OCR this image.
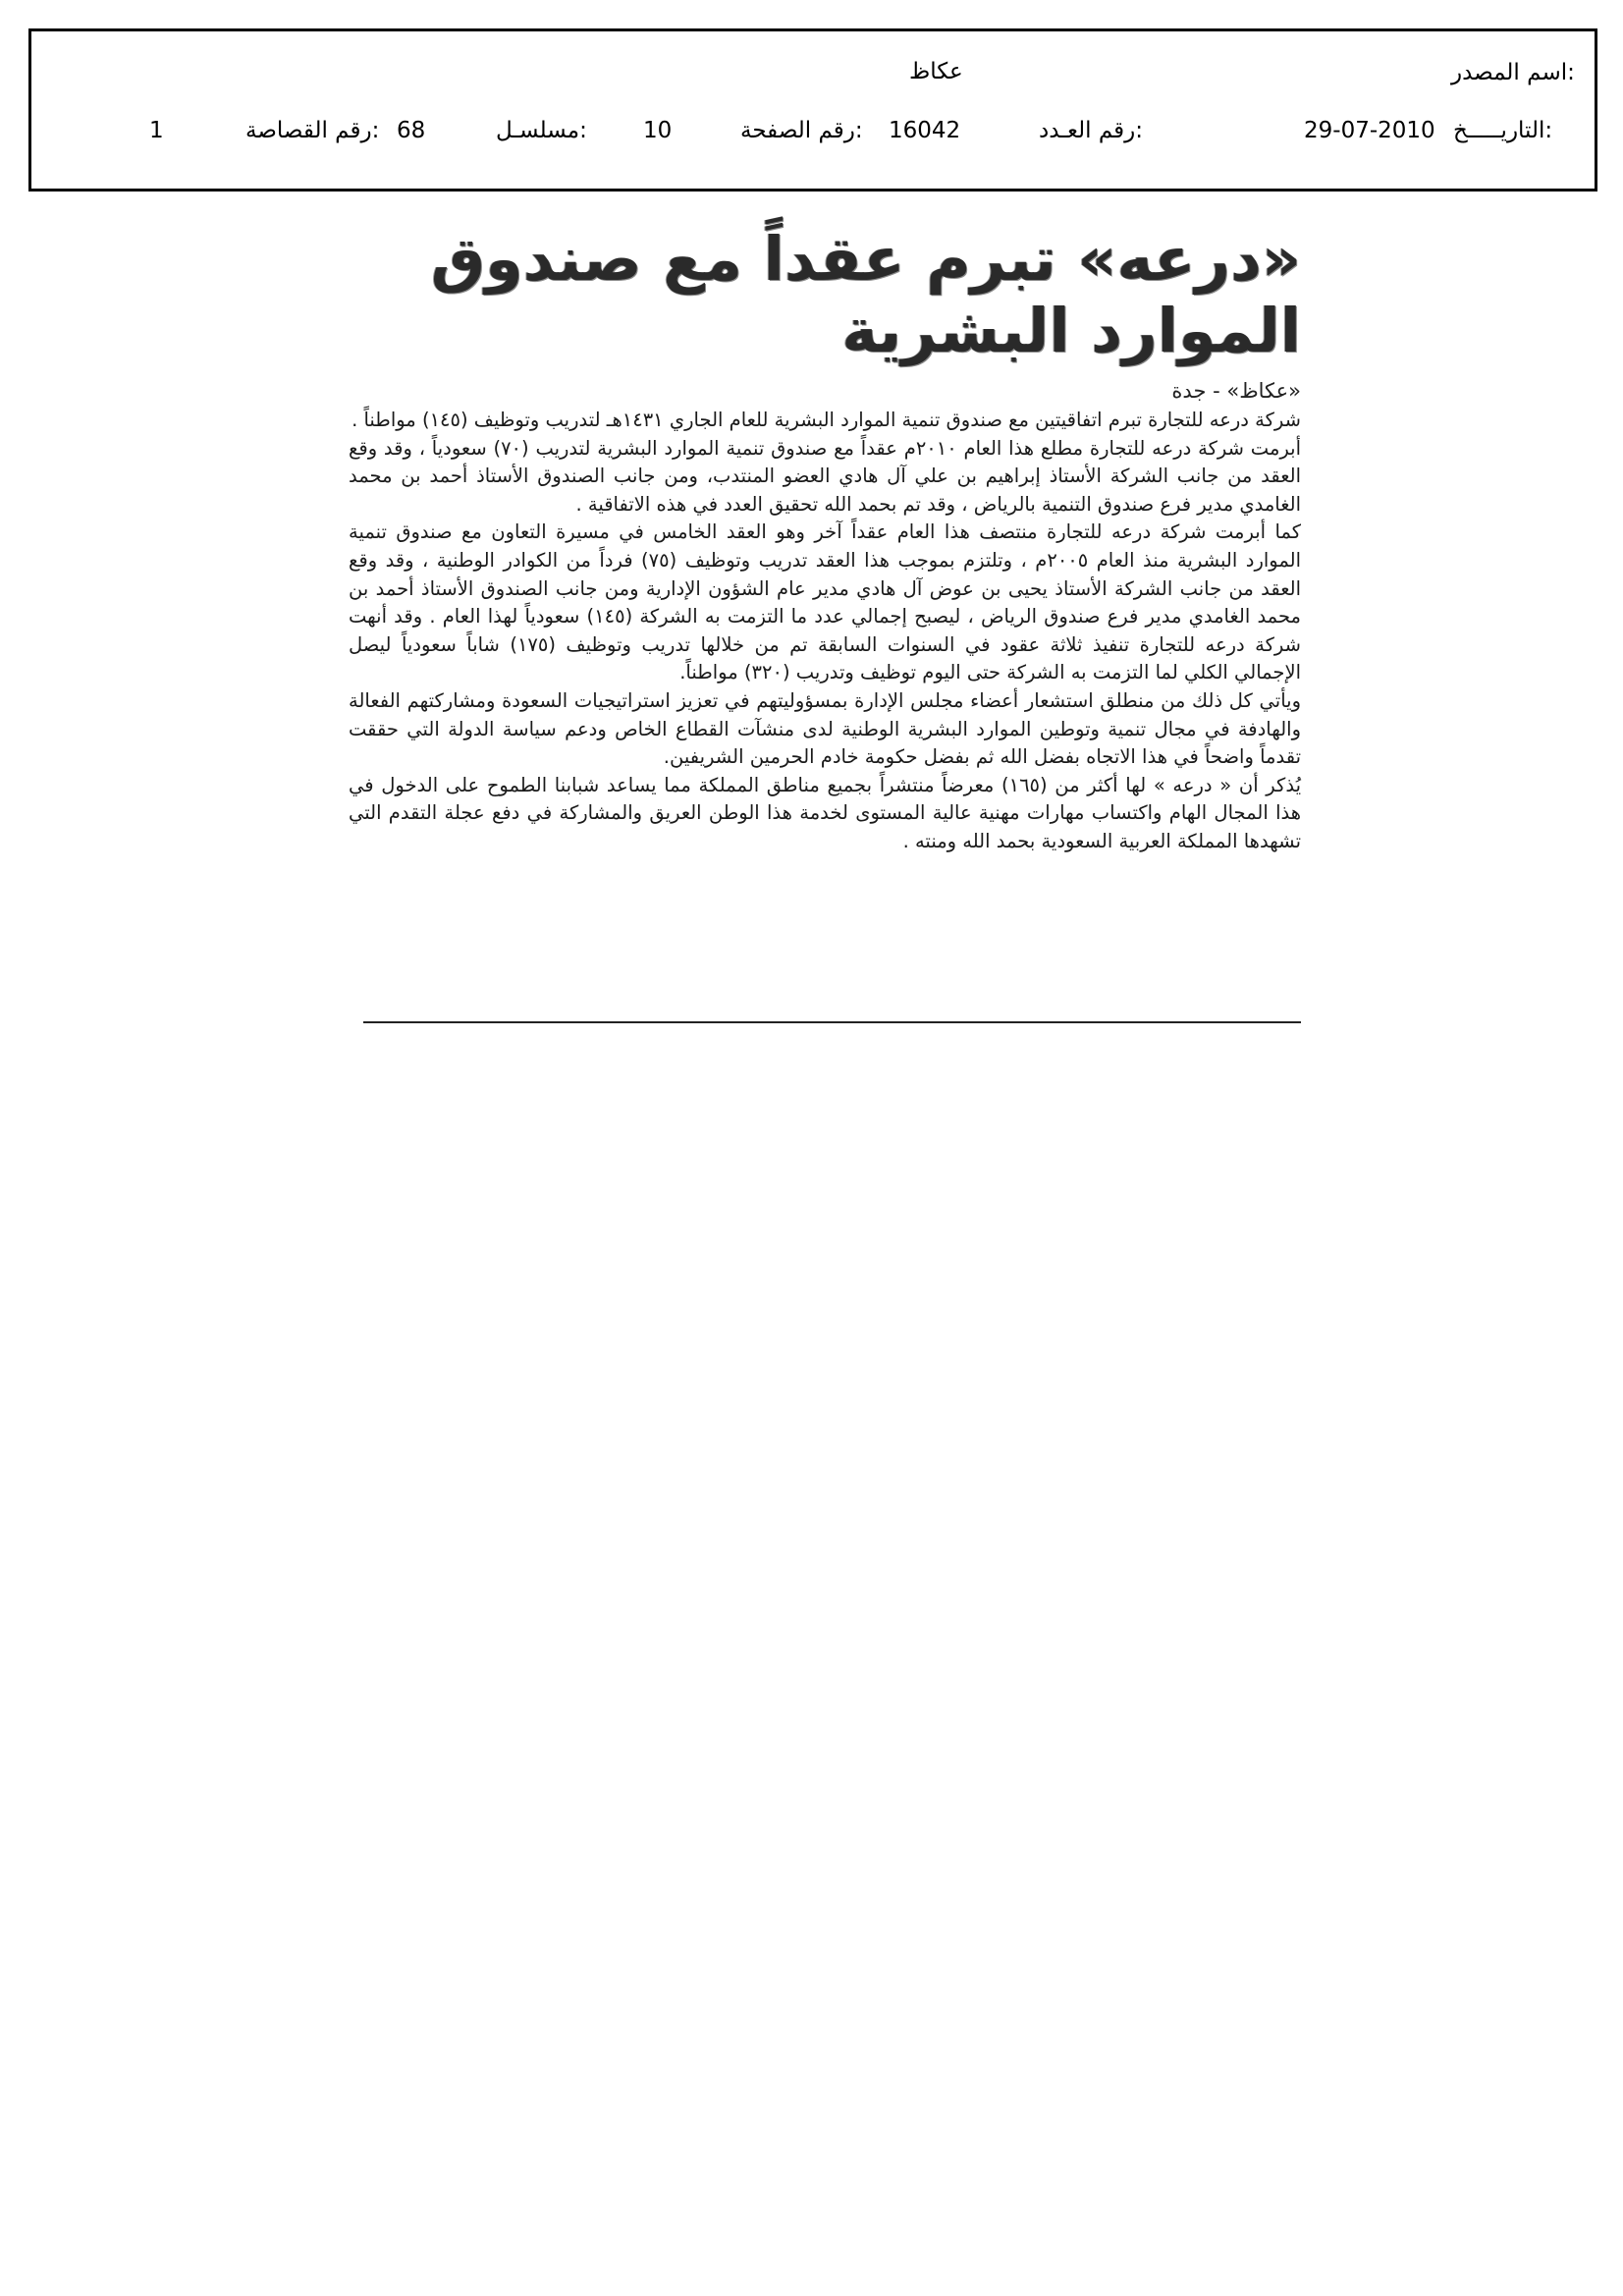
اسم المصدر:
عكاظ
التاريـــــخ:
29-07-2010
رقم العـدد:
16042
رقم الصفحة:
10
مسلسـل:
68
رقم القصاصة:
1
«درعه» تبرم عقداً مع صندوق الموارد البشرية
«عكاظ» - جدة

شركة درعه للتجارة تبرم اتفاقيتين مع صندوق تنمية الموارد البشرية للعام الجاري ١٤٣١هـ لتدريب وتوظيف (١٤٥) مواطناً .

أبرمت شركة درعه للتجارة مطلع هذا العام ٢٠١٠م عقداً مع صندوق تنمية الموارد البشرية لتدريب (٧٠) سعودياً ، وقد وقع العقد من جانب الشركة الأستاذ إبراهيم بن علي آل هادي العضو المنتدب، ومن جانب الصندوق الأستاذ أحمد بن محمد الغامدي مدير فرع صندوق التنمية بالرياض ، وقد تم بحمد الله تحقيق العدد في هذه الاتفاقية .

كما أبرمت شركة درعه للتجارة منتصف هذا العام عقداً آخر وهو العقد الخامس في مسيرة التعاون مع صندوق تنمية الموارد البشرية منذ العام ٢٠٠٥م ، وتلتزم بموجب هذا العقد تدريب وتوظيف (٧٥) فرداً من الكوادر الوطنية ، وقد وقع العقد من جانب الشركة الأستاذ يحيى بن عوض آل هادي مدير عام الشؤون الإدارية ومن جانب الصندوق الأستاذ أحمد بن محمد الغامدي مدير فرع صندوق الرياض ، ليصبح إجمالي عدد ما التزمت به الشركة (١٤٥) سعودياً لهذا العام . وقد أنهت شركة درعه للتجارة تنفيذ ثلاثة عقود في السنوات السابقة تم من خلالها تدريب وتوظيف (١٧٥) شاباً سعودياً ليصل الإجمالي الكلي لما التزمت به الشركة حتى اليوم توظيف وتدريب (٣٢٠) مواطناً.

ويأتي كل ذلك من منطلق استشعار أعضاء مجلس الإدارة بمسؤوليتهم في تعزيز استراتيجيات السعودة ومشاركتهم الفعالة والهادفة في مجال تنمية وتوطين الموارد البشرية الوطنية لدى منشآت القطاع الخاص ودعم سياسة الدولة التي حققت تقدماً واضحاً في هذا الاتجاه بفضل الله ثم بفضل حكومة خادم الحرمين الشريفين.

يُذكر أن « درعه » لها أكثر من (١٦٥) معرضاً منتشراً بجميع مناطق المملكة مما يساعد شبابنا الطموح على الدخول في هذا المجال الهام واكتساب مهارات مهنية عالية المستوى لخدمة هذا الوطن العريق والمشاركة في دفع عجلة التقدم التي تشهدها المملكة العربية السعودية بحمد الله ومنته .
